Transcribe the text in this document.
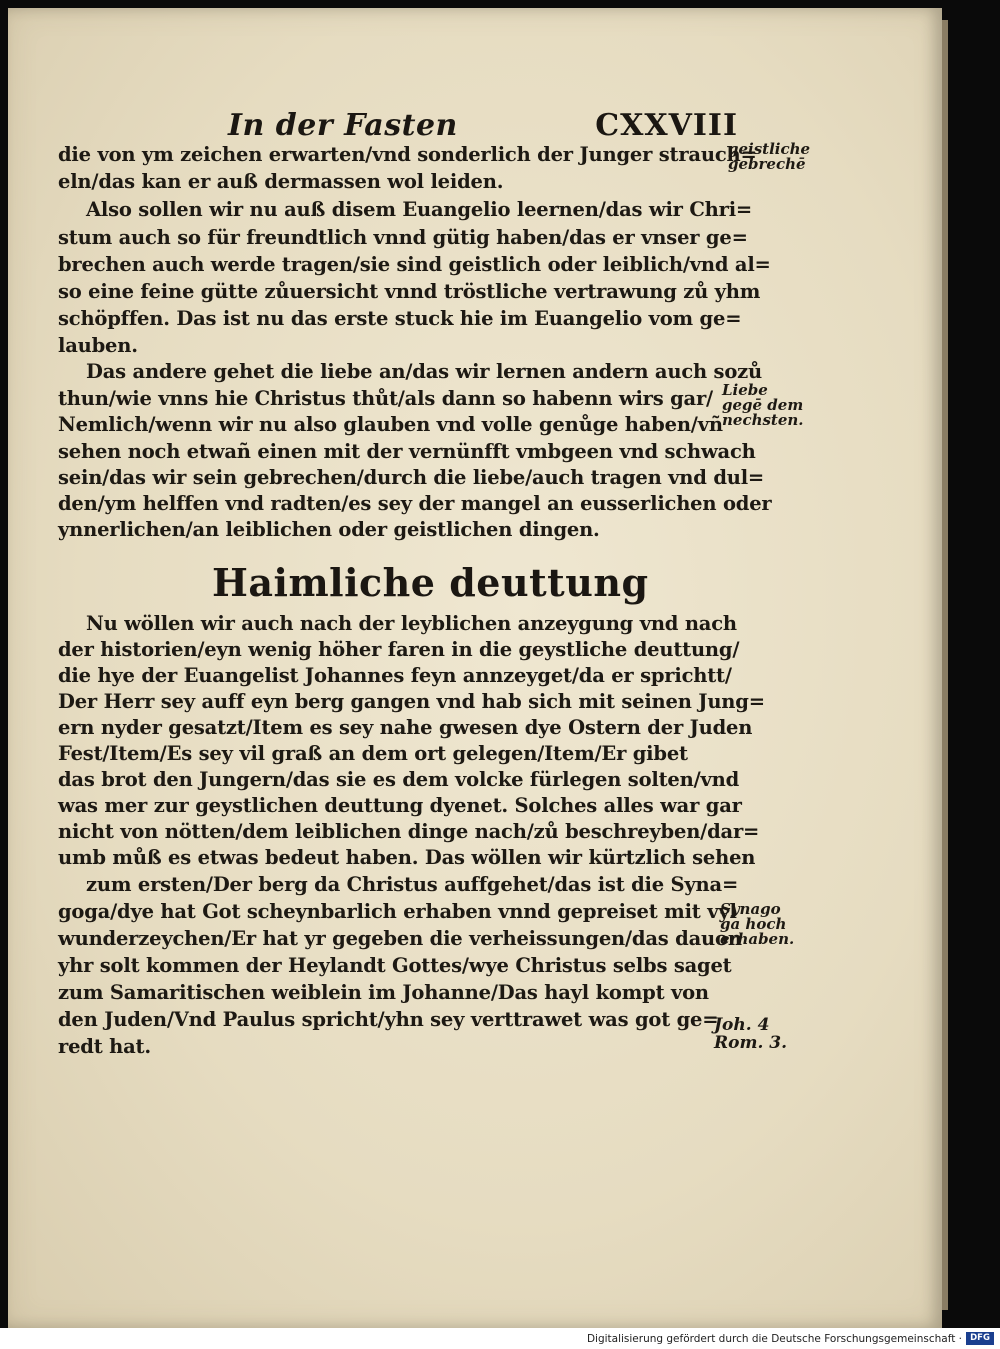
In der Fasten	CXXVIII
die von ym zeichen erwarten/vnd sonderlich der Junger strauch=
eln/das kan er auß dermassen wol leiden.
Also sollen wir nu auß disem Euangelio leernen/das wir Chri=
stum auch so für freundtlich vnnd gütig haben/das er vnser ge=
brechen auch werde tragen/sie sind geistlich oder leiblich/vnd al=
so eine feine gütte zůuersicht vnnd tröstliche vertrawung zů yhm
schöpffen. Das ist nu das erste stuck hie im Euangelio vom ge=
lauben.
Das andere gehet die liebe an/das wir lernen andern auch sozů
thun/wie vnns hie Christus thůt/als dann so habenn wirs gar/
Nemlich/wenn wir nu also glauben vnd volle genůge haben/vñ
sehen noch etwañ einen mit der vernünfft vmbgeen vnd schwach
sein/das wir sein gebrechen/durch die liebe/auch tragen vnd dul=
den/ym helffen vnd radten/es sey der mangel an eusserlichen oder
ynnerlichen/an leiblichen oder geistlichen dingen.
Haimliche deuttung
Nu wöllen wir auch nach der leyblichen anzeygung vnd nach
der historien/eyn wenig höher faren in die geystliche deuttung/
die hye der Euangelist Johannes feyn annzeyget/da er sprichtt/
Der Herr sey auff eyn berg gangen vnd hab sich mit seinen Jung=
ern nyder gesatzt/Item es sey nahe gwesen dye Ostern der Juden
Fest/Item/Es sey vil graß an dem ort gelegen/Item/Er gibet
das brot den Jungern/das sie es dem volcke fürlegen solten/vnd
was mer zur geystlichen deuttung dyenet. Solches alles war gar
nicht von nötten/dem leiblichen dinge nach/zů beschreyben/dar=
umb můß es etwas bedeut haben. Das wöllen wir kürtzlich sehen
zum ersten/Der berg da Christus auffgehet/das ist die Syna=
goga/dye hat Got scheynbarlich erhaben vnnd gepreiset mit vyl
wunderzeychen/Er hat yr gegeben die verheissungen/das dauon
yhr solt kommen der Heylandt Gottes/wye Christus selbs saget
zum Samaritischen weiblein im Johanne/Das hayl kompt von
den Juden/Vnd Paulus spricht/yhn sey verttrawet was got ge=
redt hat.
geistliche
gebrechē
Liebe
gegē dem
nechsten.
Synago
ga hoch
erhaben.
Joh. 4
Rom. 3.
Digitalisierung gefördert durch die Deutsche Forschungsgemeinschaft · DFG
